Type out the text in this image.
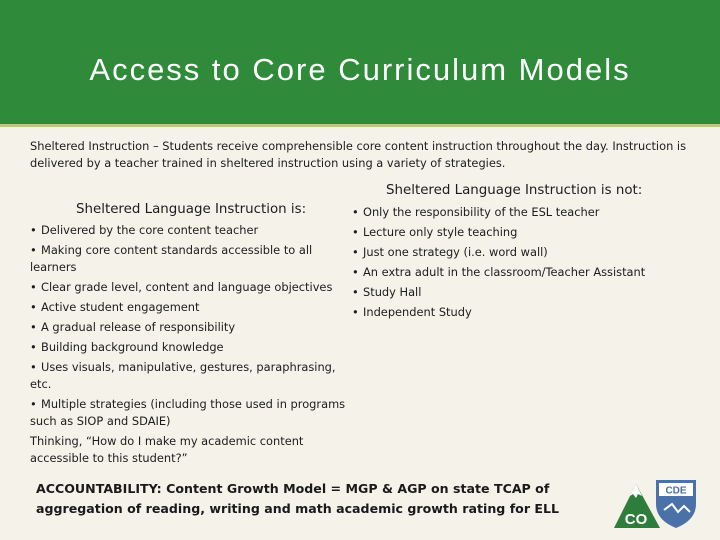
Access to Core Curriculum Models
Sheltered Instruction – Students receive comprehensible core content instruction throughout the day. Instruction is delivered by a teacher trained in sheltered instruction using a variety of strategies.
Sheltered Language Instruction is:
• Delivered by the core content teacher
• Making core content standards accessible to all learners
• Clear grade level, content and language objectives
• Active student engagement
• A gradual release of responsibility
• Building background knowledge
• Uses visuals, manipulative, gestures, paraphrasing, etc.
• Multiple strategies (including those used in programs such as SIOP and SDAIE)
Thinking, “How do I make my academic content accessible to this student?”
Sheltered Language Instruction is not:
• Only the responsibility of the ESL teacher
• Lecture only style teaching
• Just one strategy (i.e. word wall)
• An extra adult in the classroom/Teacher Assistant
• Study Hall
• Independent Study
ACCOUNTABILITY: Content Growth Model = MGP & AGP on state TCAP of aggregation of reading, writing and math academic growth rating for ELL
CDE
CO
